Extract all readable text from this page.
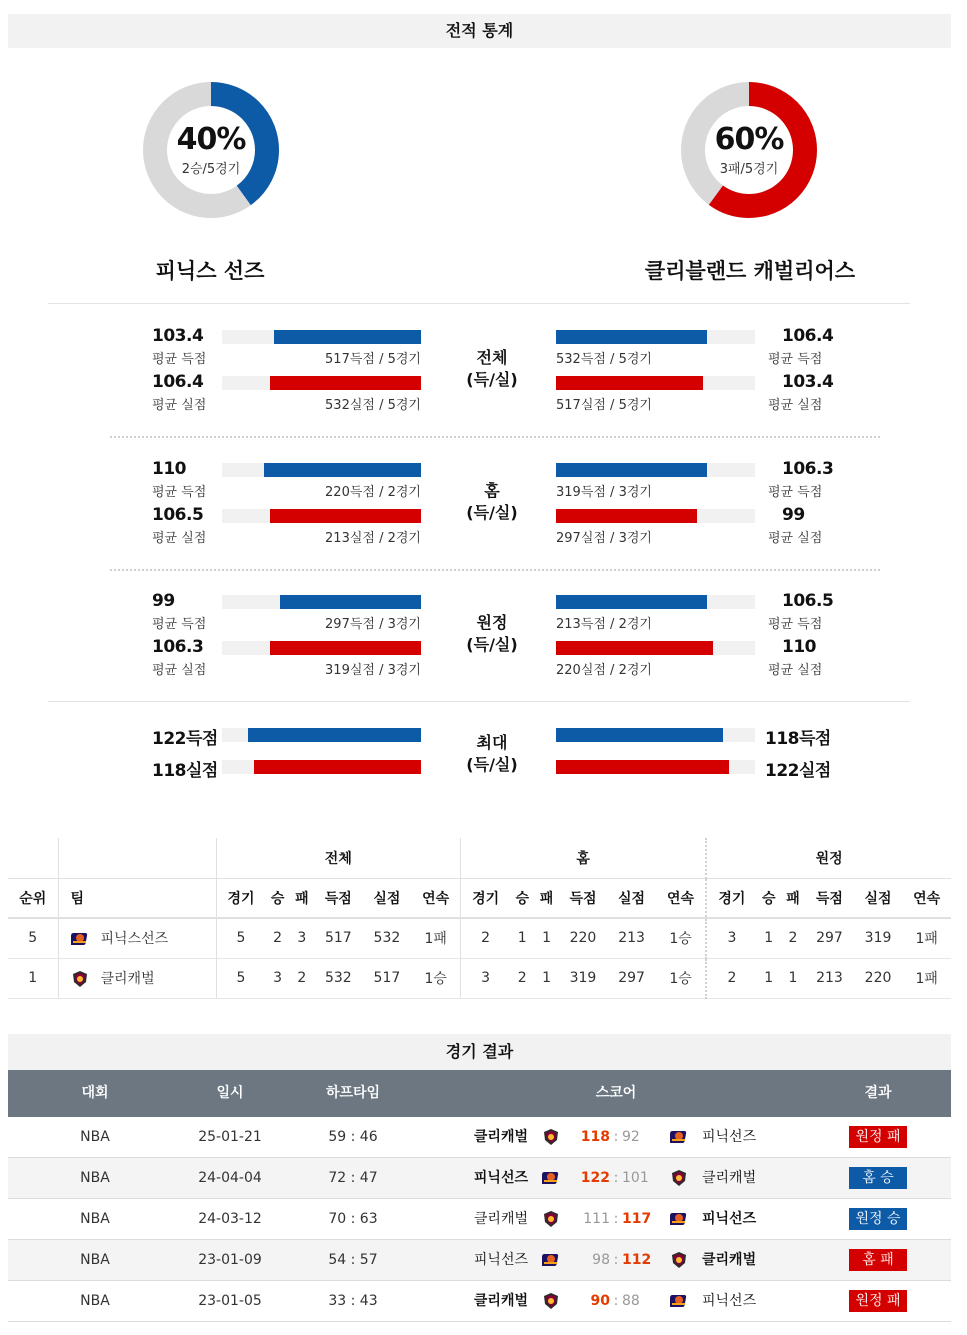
전적 통계
40%
2승/5경기
60%
3패/5경기
피닉스 선즈	클리블랜드 캐벌리어스
103.4
평균 득점	517득점 / 5경기
106.4
평균 실점	532실점 / 5경기
전체
(득/실)
532득점 / 5경기
106.4
평균 득점
517실점 / 5경기
103.4
평균 실점
110
평균 득점	220득점 / 2경기
106.5
평균 실점	213실점 / 2경기
홈
(득/실)
319득점 / 3경기
106.3
평균 득점
297실점 / 3경기
99
평균 실점
99
평균 득점	297득점 / 3경기
106.3
평균 실점	319실점 / 3경기
원정
(득/실)
213득점 / 2경기
106.5
평균 득점
220실점 / 2경기
110
평균 실점
122득점
118실점
최대
(득/실)
118득점
122실점
		전체						홈						원정					
순위	팀	경기	승	패	득점	실점	연속	경기	승	패	득점	실점	연속	경기	승	패	득점	실점	연속
5	피닉스선즈	5	2	3	517	532	1패	2	1	1	220	213	1승	3	1	2	297	319	1패
1	클리캐벌	5	3	2	532	517	1승	3	2	1	319	297	1승	2	1	1	213	220	1패
경기 결과
대회	일시	하프타임	스코어	결과
NBA	25-01-21	59 : 46	클리캐벌	118 : 92	피닉선즈	원정 패
NBA	24-04-04	72 : 47	피닉선즈	122 : 101	클리캐벌	홈 승
NBA	24-03-12	70 : 63	클리캐벌	111 : 117	피닉선즈	원정 승
NBA	23-01-09	54 : 57	피닉선즈	98 : 112	클리캐벌	홈 패
NBA	23-01-05	33 : 43	클리캐벌	90 : 88	피닉선즈	원정 패
